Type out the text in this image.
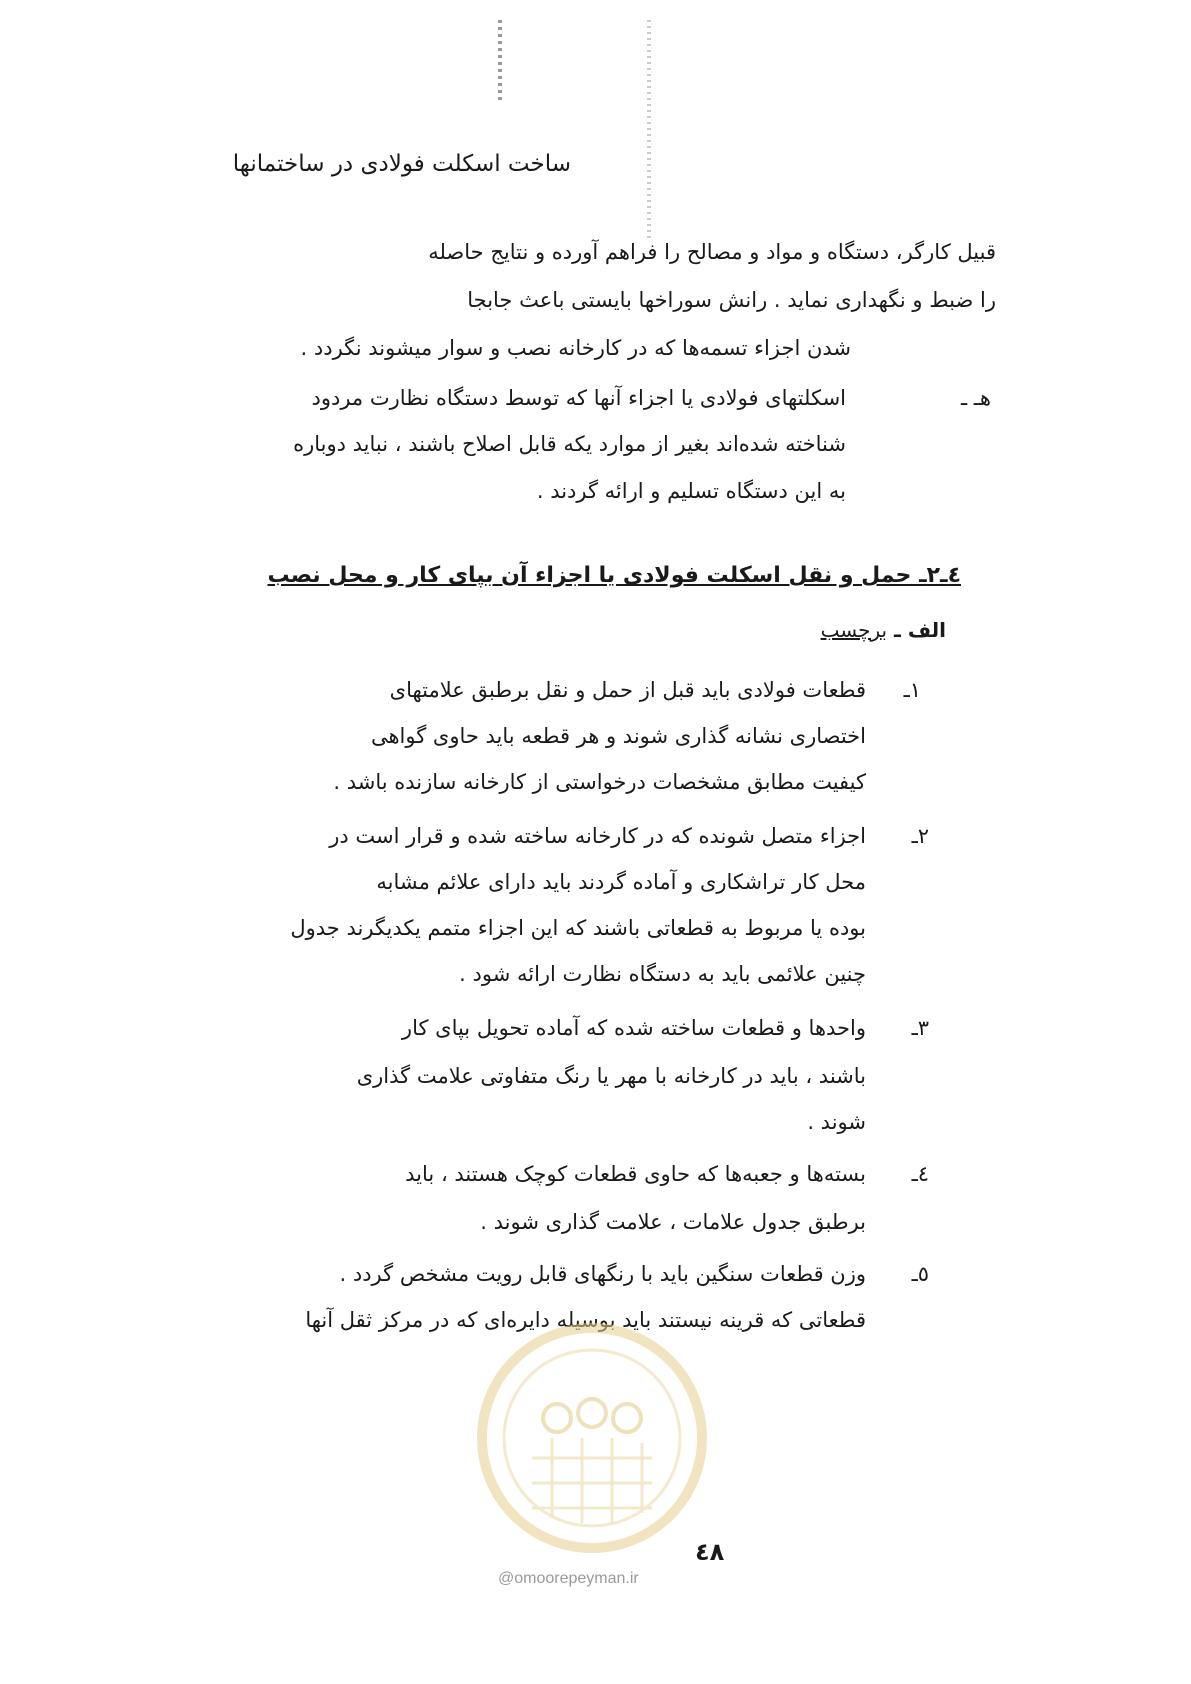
ساخت اسکلت فولادی در ساختمانها
قبیل کارگر، دستگاه و مواد و مصالح را فراهم آورده و نتایج حاصله
را ضبط و نگهداری نماید . رانش سوراخها بایستی باعث جابجا
شدن اجزاء تسمه‌ها که در کارخانه نصب و سوار میشوند نگردد .
هـ ـ
اسکلتهای فولادی یا اجزاء آنها که توسط دستگاه نظارت مردود
شناخته شده‌اند بغیر از موارد یکه قابل اصلاح باشند ، نباید دوباره
به این دستگاه تسلیم و ارائه گردند .
٤ـ٢ـ حمل و نقل اسکلت فولادی یا اجزاء آن بپای کار و محل نصب
الف ـ برچسب
١ـ
قطعات فولادی باید قبل از حمل و نقل برطبق علامتهای
اختصاری نشانه گذاری شوند و هر قطعه باید حاوی گواهی
کیفیت مطابق مشخصات درخواستی از کارخانه سازنده باشد .
٢ـ
اجزاء متصل شونده که در کارخانه ساخته شده و قرار است در
محل کار تراشکاری و آماده گردند باید دارای علائم مشابه
بوده یا مربوط به قطعاتی باشند که این اجزاء متمم یکدیگرند جدول
چنین علائمی باید به دستگاه نظارت ارائه شود .
٣ـ
واحدها و قطعات ساخته شده که آماده تحویل بپای کار
باشند ، باید در کارخانه با مهر یا رنگ متفاوتی علامت گذاری
شوند .
٤ـ
بسته‌ها و جعبه‌ها که حاوی قطعات کوچک هستند ، باید
برطبق جدول علامات ، علامت گذاری شوند .
٥ـ
وزن قطعات سنگین باید با رنگهای قابل رویت مشخص گردد .
قطعاتی که قرینه نیستند باید بوسیله دایره‌ای که در مرکز ثقل آنها
٤٨
@omoorepeyman.ir
